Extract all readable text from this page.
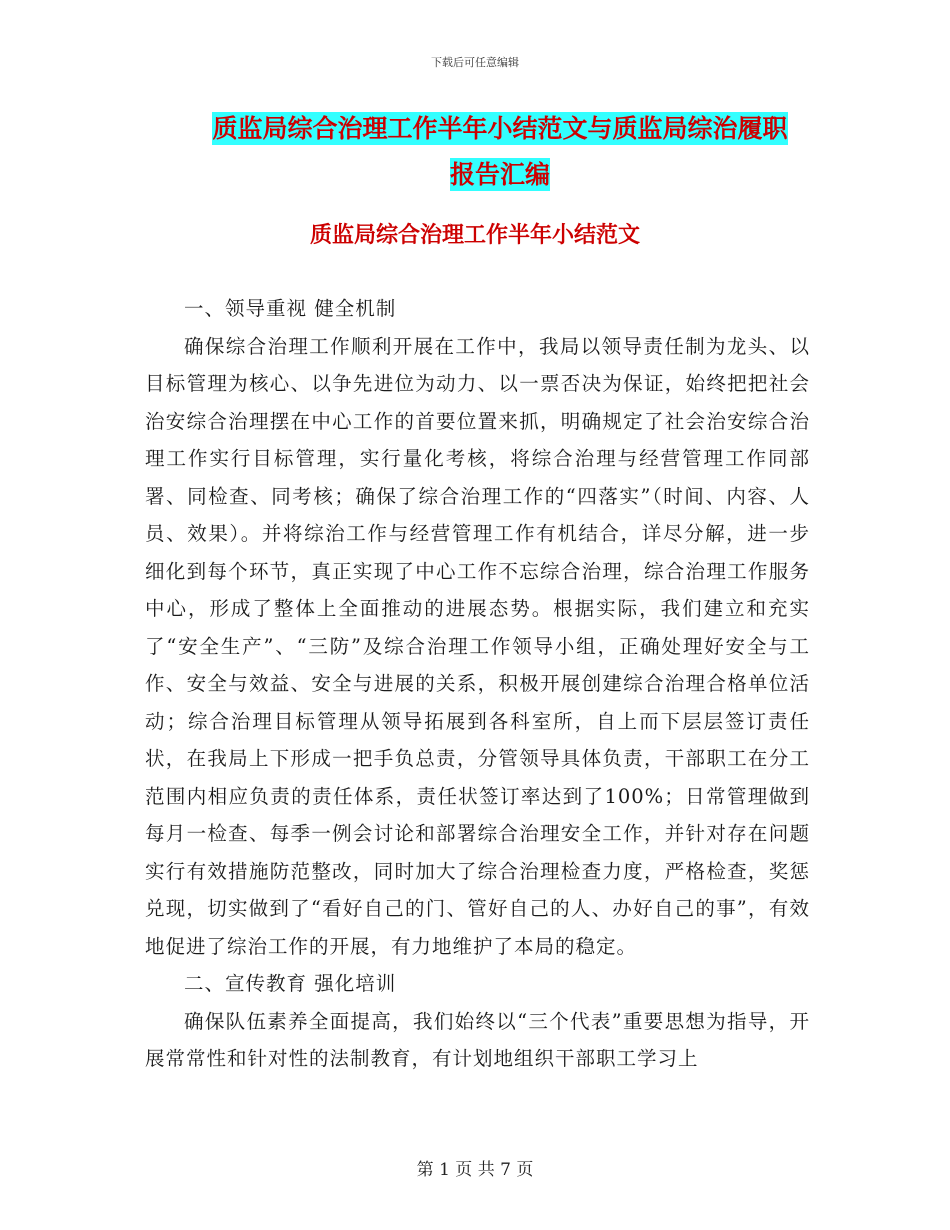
下载后可任意编辑
质监局综合治理工作半年小结范文与质监局综治履职
报告汇编
质监局综合治理工作半年小结范文

一、领导重视 健全机制

确保综合治理工作顺利开展在工作中，我局以领导责任制为龙头、以目标管理为核心、以争先进位为动力、以一票否决为保证，始终把把社会治安综合治理摆在中心工作的首要位置来抓，明确规定了社会治安综合治理工作实行目标管理，实行量化考核，将综合治理与经营管理工作同部署、同检查、同考核；确保了综合治理工作的“四落实”（时间、内容、人员、效果）。并将综治工作与经营管理工作有机结合，详尽分解，进一步细化到每个环节，真正实现了中心工作不忘综合治理，综合治理工作服务中心，形成了整体上全面推动的进展态势。根据实际，我们建立和充实了“安全生产”、“三防”及综合治理工作领导小组，正确处理好安全与工作、安全与效益、安全与进展的关系，积极开展创建综合治理合格单位活动；综合治理目标管理从领导拓展到各科室所，自上而下层层签订责任状，在我局上下形成一把手负总责，分管领导具体负责，干部职工在分工范围内相应负责的责任体系，责任状签订率达到了100%；日常管理做到每月一检查、每季一例会讨论和部署综合治理安全工作，并针对存在问题实行有效措施防范整改，同时加大了综合治理检查力度，严格检查，奖惩兑现，切实做到了“看好自己的门、管好自己的人、办好自己的事”，有效地促进了综治工作的开展，有力地维护了本局的稳定。

二、宣传教育 强化培训

确保队伍素养全面提高，我们始终以“三个代表”重要思想为指导，开展常常性和针对性的法制教育，有计划地组织干部职工学习上

第 1 页 共 7 页
